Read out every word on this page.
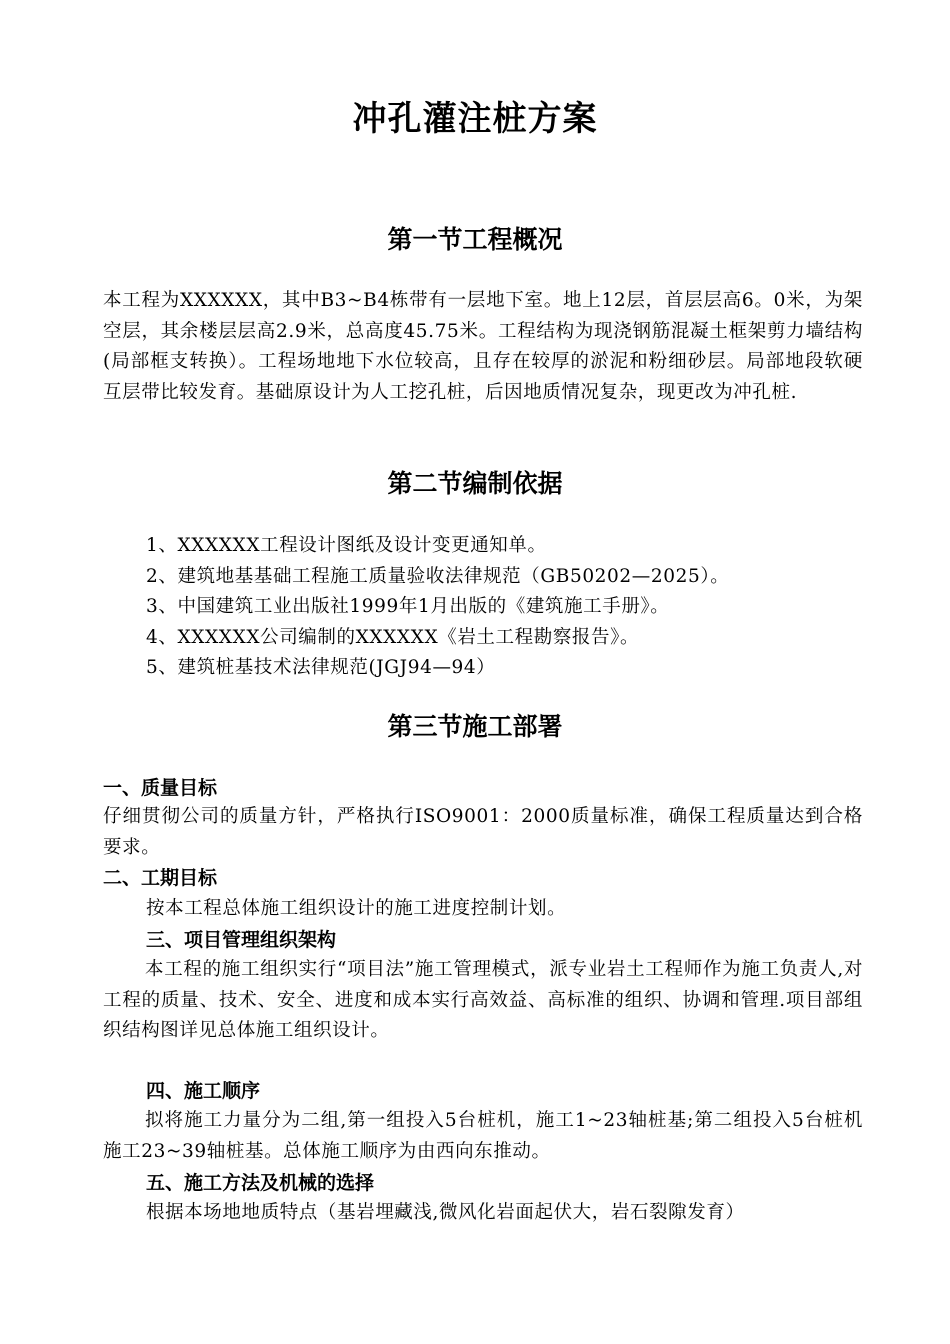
冲孔灌注桩方案
第一节工程概况
本工程为XXXXXX，其中B3~B4栋带有一层地下室。地上12层，首层层高6。0米，为架空层，其余楼层层高2.9米，总高度45.75米。工程结构为现浇钢筋混凝土框架剪力墙结构(局部框支转换）。工程场地地下水位较高，且存在较厚的淤泥和粉细砂层。局部地段软硬互层带比较发育。基础原设计为人工挖孔桩，后因地质情况复杂，现更改为冲孔桩.
第二节编制依据
1、XXXXXX工程设计图纸及设计变更通知单。
2、建筑地基基础工程施工质量验收法律规范（GB50202—2025）。
3、中国建筑工业出版社1999年1月出版的《建筑施工手册》。
4、XXXXXX公司编制的XXXXXX《岩土工程勘察报告》。
5、建筑桩基技术法律规范(JGJ94—94）
第三节施工部署
一、质量目标
仔细贯彻公司的质量方针，严格执行ISO9001：2000质量标准，确保工程质量达到合格要求。
二、工期目标
按本工程总体施工组织设计的施工进度控制计划。
三、项目管理组织架构
本工程的施工组织实行“项目法”施工管理模式，派专业岩土工程师作为施工负责人,对工程的质量、技术、安全、进度和成本实行高效益、高标准的组织、协调和管理.项目部组织结构图详见总体施工组织设计。
四、施工顺序
拟将施工力量分为二组,第一组投入5台桩机，施工1~23轴桩基;第二组投入5台桩机施工23~39轴桩基。总体施工顺序为由西向东推动。
五、施工方法及机械的选择
根据本场地地质特点（基岩埋藏浅,微风化岩面起伏大，岩石裂隙发育）
